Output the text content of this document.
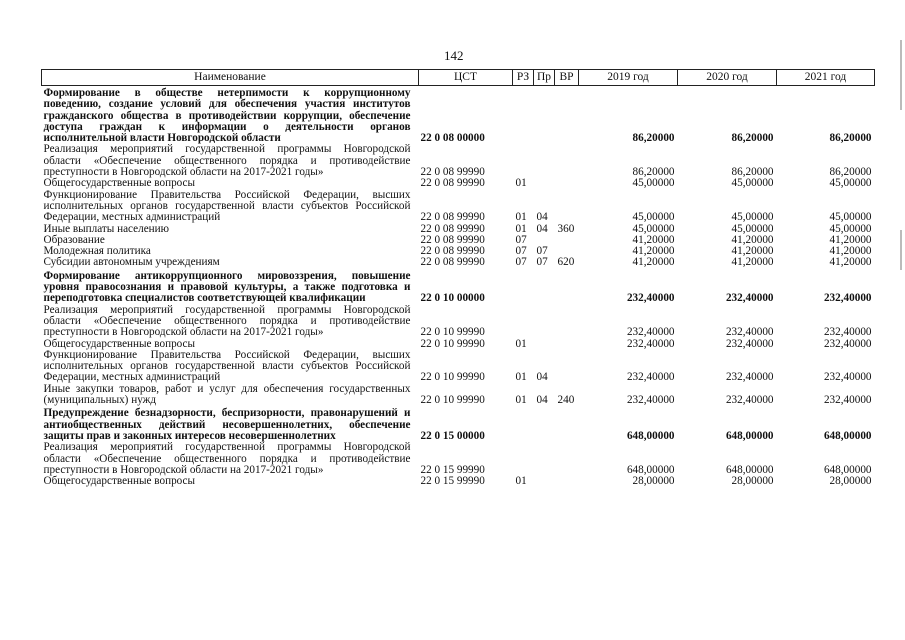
142
Наименование	ЦСТ	РЗ	Пр	ВР	2019 год	2020 год	2021 год
Формирование в обществе нетерпимости к коррупционному поведению, создание условий для обеспечения участия институтов гражданского общества в противодействии коррупции, обеспечение доступа граждан к информации о деятельности органов исполнительной власти Новгородской области	22 0 08 00000				86,20000	86,20000	86,20000
Реализация мероприятий государственной программы Новгородской области «Обеспечение общественного порядка и противодействие преступности в Новгородской области на 2017-2021 годы»	22 0 08 99990				86,20000	86,20000	86,20000
Общегосударственные вопросы	22 0 08 99990	01			45,00000	45,00000	45,00000
Функционирование Правительства Российской Федерации, высших исполнительных органов государственной власти субъектов Российской Федерации, местных администраций	22 0 08 99990	01	04		45,00000	45,00000	45,00000
Иные выплаты населению	22 0 08 99990	01	04	360	45,00000	45,00000	45,00000
Образование	22 0 08 99990	07			41,20000	41,20000	41,20000
Молодежная политика	22 0 08 99990	07	07		41,20000	41,20000	41,20000
Субсидии автономным учреждениям	22 0 08 99990	07	07	620	41,20000	41,20000	41,20000
Формирование антикоррупционного мировоззрения, повышение уровня правосознания и правовой культуры, а также подготовка и переподготовка специалистов соответствующей квалификации	22 0 10 00000				232,40000	232,40000	232,40000
Реализация мероприятий государственной программы Новгородской области «Обеспечение общественного порядка и противодействие преступности в Новгородской области на 2017-2021 годы»	22 0 10 99990				232,40000	232,40000	232,40000
Общегосударственные вопросы	22 0 10 99990	01			232,40000	232,40000	232,40000
Функционирование Правительства Российской Федерации, высших исполнительных органов государственной власти субъектов Российской Федерации, местных администраций	22 0 10 99990	01	04		232,40000	232,40000	232,40000
Иные закупки товаров, работ и услуг для обеспечения государственных (муниципальных) нужд	22 0 10 99990	01	04	240	232,40000	232,40000	232,40000
Предупреждение безнадзорности, беспризорности, правонарушений и антиобщественных действий несовершеннолетних, обеспечение защиты прав и законных интересов несовершеннолетних	22 0 15 00000				648,00000	648,00000	648,00000
Реализация мероприятий государственной программы Новгородской области «Обеспечение общественного порядка и противодействие преступности в Новгородской области на 2017-2021 годы»	22 0 15 99990				648,00000	648,00000	648,00000
Общегосударственные вопросы	22 0 15 99990	01			28,00000	28,00000	28,00000
